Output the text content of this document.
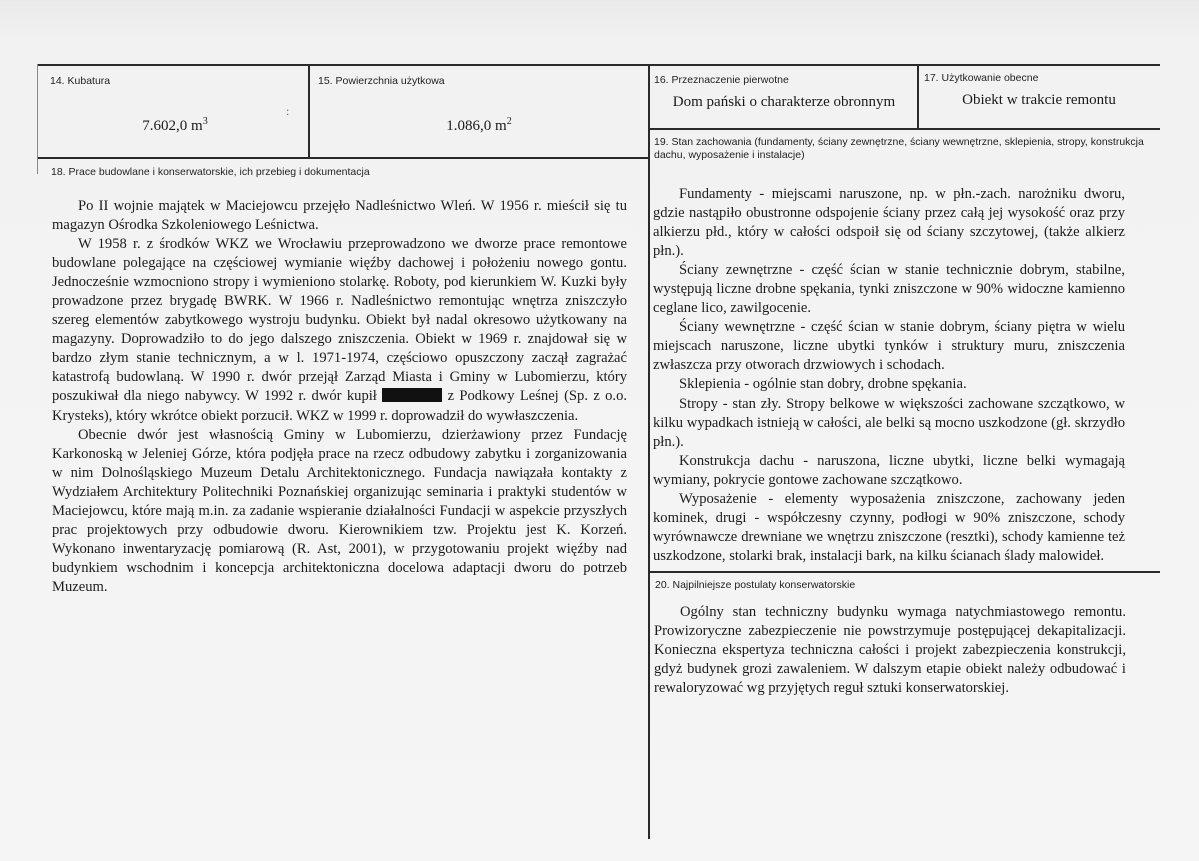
14. Kubatura
7.602,0 $m^3$
:
15. Powierzchnia użytkowa
1.086,0 $m^2$
16. Przeznaczenie pierwotne
Dom pański o charakterze obronnym
17. Użytkowanie obecne
Obiekt w trakcie remontu
18. Prace budowlane i konserwatorskie, ich przebieg i dokumentacja

Po II wojnie majątek w Maciejowcu przejęło Nadleśnictwo Wleń. W 1956 r. mieścił się tu magazyn Ośrodka Szkoleniowego Leśnictwa.

W 1958 r. z środków WKZ we Wrocławiu przeprowadzono we dworze prace remontowe budowlane polegające na częściowej wymianie więźby dachowej i położeniu nowego gontu. Jednocześnie wzmocniono stropy i wymieniono stolarkę. Roboty, pod kierunkiem W. Kuzki były prowadzone przez brygadę BWRK. W 1966 r. Nadleśnictwo remontując wnętrza zniszczyło szereg elementów zabytkowego wystroju budynku. Obiekt był nadal okresowo użytkowany na magazyny. Doprowadziło to do jego dalszego zniszczenia. Obiekt w 1969 r. znajdował się w bardzo złym stanie technicznym, a w l. 1971-1974, częściowo opuszczony zaczął zagrażać katastrofą budowlaną. W 1990 r. dwór przejął Zarząd Miasta i Gminy w Lubomierzu, który poszukiwał dla niego nabywcy. W 1992 r. dwór kupił	z Podkowy Leśnej (Sp. z o.o. Krysteks), który wkrótce obiekt porzucił. WKZ w 1999 r. doprowadził do wywłaszczenia.

Obecnie dwór jest własnością Gminy w Lubomierzu, dzierżawiony przez Fundację Karkonoską w Jeleniej Górze, która podjęła prace na rzecz odbudowy zabytku i zorganizowania w nim Dolnośląskiego Muzeum Detalu Architektonicznego. Fundacja nawiązała kontakty z Wydziałem Architektury Politechniki Poznańskiej organizując seminaria i praktyki studentów w Maciejowcu, które mają m.in. za zadanie wspieranie działalności Fundacji w aspekcie przyszłych prac projektowych przy odbudowie dworu. Kierownikiem tzw. Projektu jest K. Korzeń. Wykonano inwentaryzację pomiarową (R. Ast, 2001), w przygotowaniu projekt więźby nad budynkiem wschodnim i koncepcja architektoniczna docelowa adaptacji dworu do potrzeb Muzeum.

19. Stan zachowania (fundamenty, ściany zewnętrzne, ściany wewnętrzne, sklepienia, stropy, konstrukcja dachu, wyposażenie i instalacje)

Fundamenty - miejscami naruszone, np. w płn.-zach. narożniku dworu, gdzie nastąpiło obustronne odspojenie ściany przez całą jej wysokość oraz przy alkierzu płd., który w całości odspoił się od ściany szczytowej, (także alkierz płn.).

Ściany zewnętrzne - część ścian w stanie technicznie dobrym, stabilne, występują liczne drobne spękania, tynki zniszczone w 90% widoczne kamienno ceglane lico, zawilgocenie.

Ściany wewnętrzne - część ścian w stanie dobrym, ściany piętra w wielu miejscach naruszone, liczne ubytki tynków i struktury muru, zniszczenia zwłaszcza przy otworach drzwiowych i schodach.

Sklepienia - ogólnie stan dobry, drobne spękania.

Stropy - stan zły. Stropy belkowe w większości zachowane szczątkowo, w kilku wypadkach istnieją w całości, ale belki są mocno uszkodzone (gł. skrzydło płn.).

Konstrukcja dachu - naruszona, liczne ubytki, liczne belki wymagają wymiany, pokrycie gontowe zachowane szczątkowo.

Wyposażenie - elementy wyposażenia zniszczone, zachowany jeden kominek, drugi - współczesny czynny, podłogi w 90% zniszczone, schody wyrównawcze drewniane we wnętrzu zniszczone (resztki), schody kamienne też uszkodzone, stolarki brak, instalacji bark, na kilku ścianach ślady malowideł.

20. Najpilniejsze postulaty konserwatorskie

Ogólny stan techniczny budynku wymaga natychmiastowego remontu. Prowizoryczne zabezpieczenie nie powstrzymuje postępującej dekapitalizacji. Konieczna ekspertyza techniczna całości i projekt zabezpieczenia konstrukcji, gdyż budynek grozi zawaleniem. W dalszym etapie obiekt należy odbudować i rewaloryzować wg przyjętych reguł sztuki konserwatorskiej.
